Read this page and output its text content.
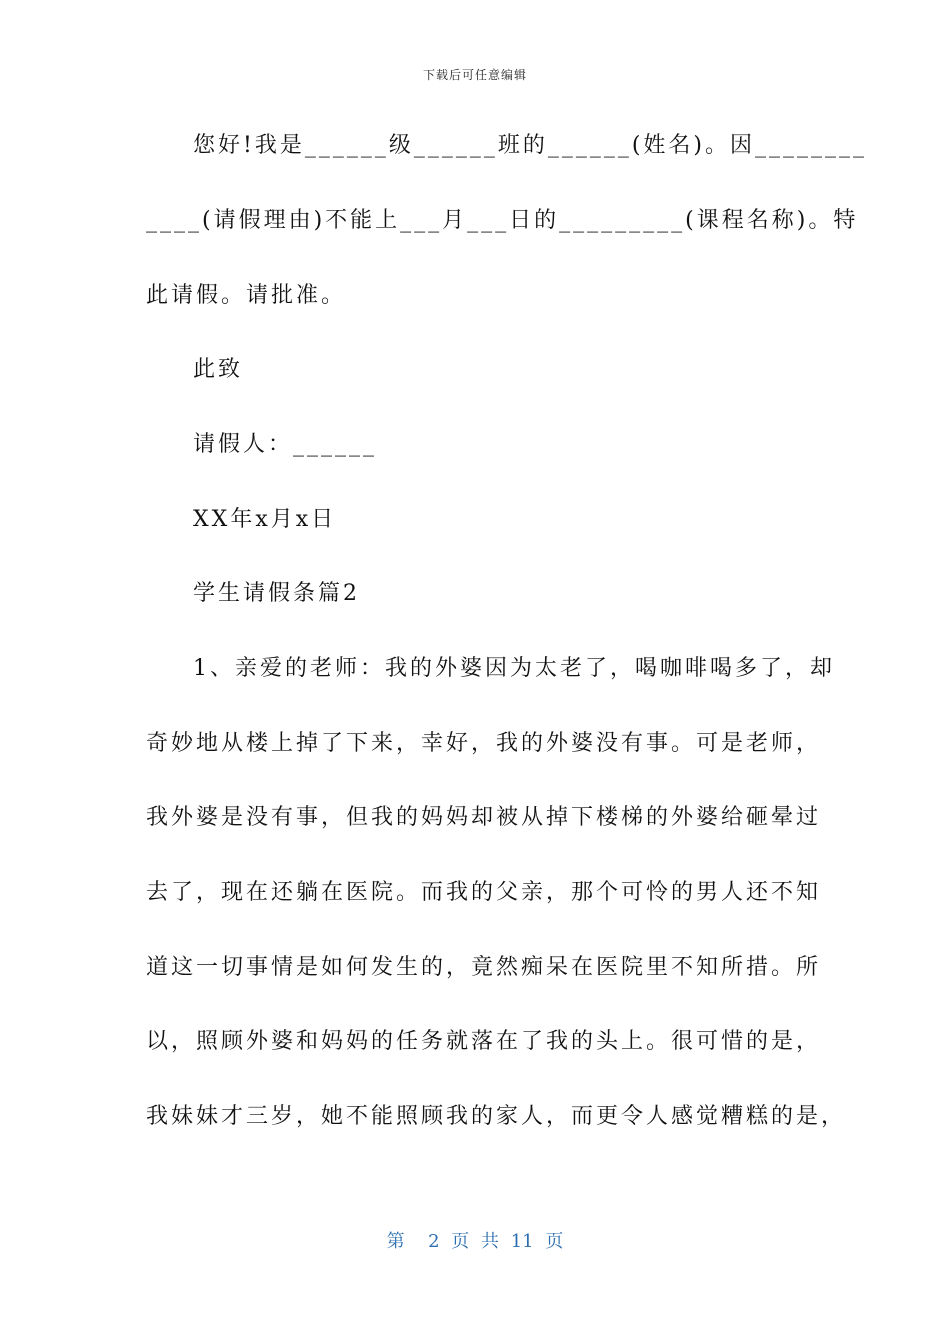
下载后可任意编辑
您好!我是______级______班的______(姓名)。因________
____(请假理由)不能上___月___日的_________(课程名称)。特
此请假。请批准。
此致
请假人：______
XX年x月x日
学生请假条篇2
1、亲爱的老师：我的外婆因为太老了，喝咖啡喝多了，却
奇妙地从楼上掉了下来，幸好，我的外婆没有事。可是老师，
我外婆是没有事，但我的妈妈却被从掉下楼梯的外婆给砸晕过
去了，现在还躺在医院。而我的父亲，那个可怜的男人还不知
道这一切事情是如何发生的，竟然痴呆在医院里不知所措。所
以，照顾外婆和妈妈的任务就落在了我的头上。很可惜的是，
我妹妹才三岁，她不能照顾我的家人，而更令人感觉糟糕的是，
第  2 页 共 11 页
